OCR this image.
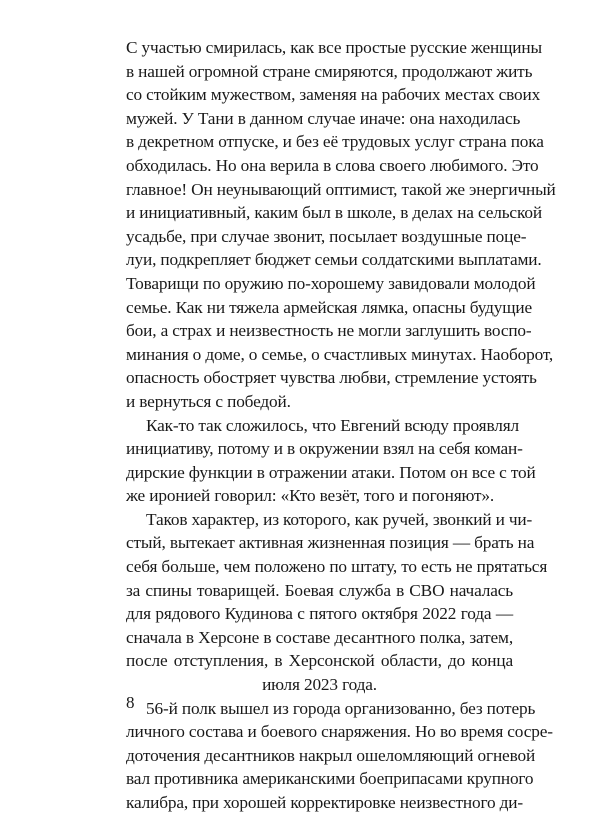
С участью смирилась, как все простые русские женщины
в нашей огромной стране смиряются, продолжают жить
со стойким мужеством, заменяя на рабочих местах своих
мужей. У Тани в данном случае иначе: она находилась
в декретном отпуске, и без её трудовых услуг страна пока
обходилась. Но она верила в слова своего любимого. Это
главное! Он неунывающий оптимист, такой же энергичный
и инициативный, каким был в школе, в делах на сельской
усадьбе, при случае звонит, посылает воздушные поце-
луи, подкрепляет бюджет семьи солдатскими выплатами.
Товарищи по оружию по-хорошему завидовали молодой
семье. Как ни тяжела армейская лямка, опасны будущие
бои, а страх и неизвестность не могли заглушить воспо-
минания о доме, о семье, о счастливых минутах. Наоборот,
опасность обостряет чувства любви, стремление устоять
и вернуться с победой.
Как-то так сложилось, что Евгений всюду проявлял
инициативу, потому и в окружении взял на себя коман-
дирские функции в отражении атаки. Потом он все с той
же иронией говорил: «Кто везёт, того и погоняют».
Таков характер, из которого, как ручей, звонкий и чи-
стый, вытекает активная жизненная позиция — брать на
себя больше, чем положено по штату, то есть не прятаться
за спины товарищей. Боевая служба в СВО началась
для рядового Кудинова с пятого октября 2022 года —
сначала в Херсоне в составе десантного полка, затем,
после отступления, в Херсонской области, до конца
июля 2023 года.
56-й полк вышел из города организованно, без потерь
личного состава и боевого снаряжения. Но во время сосре-
доточения десантников накрыл ошеломляющий огневой
вал противника американскими боеприпасами крупного
калибра, при хорошей корректировке неизвестного ди-
8
